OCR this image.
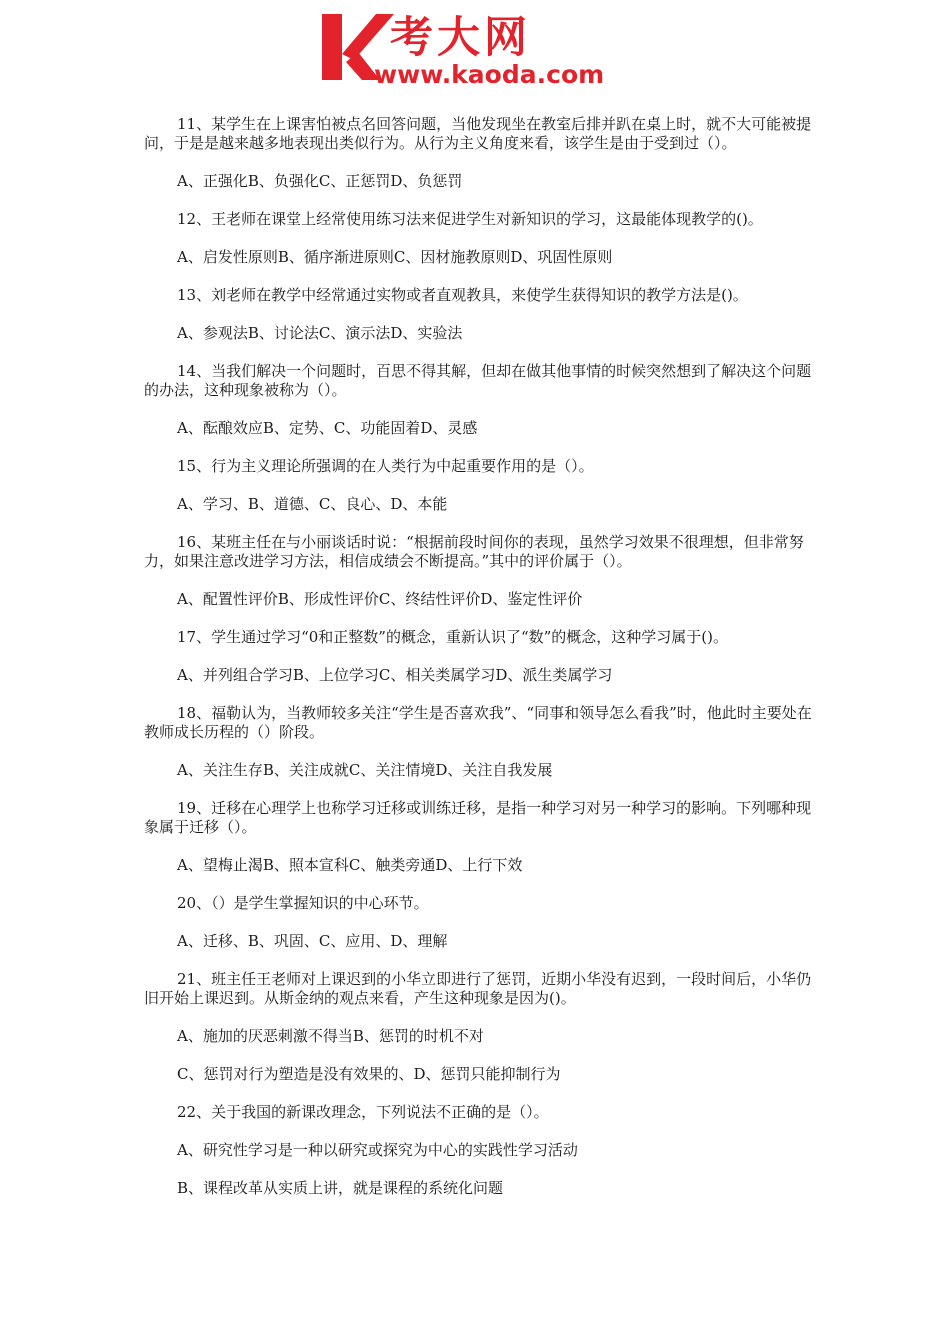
考大网
www.kaoda.com

11、某学生在上课害怕被点名回答问题，当他发现坐在教室后排并趴在桌上时，就不大可能被提问，于是是越来越多地表现出类似行为。从行为主义角度来看，该学生是由于受到过（）。

A、正强化B、负强化C、正惩罚D、负惩罚

12、王老师在课堂上经常使用练习法来促进学生对新知识的学习，这最能体现教学的()。

A、启发性原则B、循序渐进原则C、因材施教原则D、巩固性原则

13、刘老师在教学中经常通过实物或者直观教具，来使学生获得知识的教学方法是()。

A、参观法B、讨论法C、演示法D、实验法

14、当我们解决一个问题时，百思不得其解，但却在做其他事情的时候突然想到了解决这个问题的办法，这种现象被称为（）。

A、酝酿效应B、定势、C、功能固着D、灵感

15、行为主义理论所强调的在人类行为中起重要作用的是（）。

A、学习、B、道德、C、良心、D、本能

16、某班主任在与小丽谈话时说：“根据前段时间你的表现，虽然学习效果不很理想，但非常努力，如果注意改进学习方法，相信成绩会不断提高。”其中的评价属于（）。

A、配置性评价B、形成性评价C、终结性评价D、鉴定性评价

17、学生通过学习“0和正整数”的概念，重新认识了“数”的概念，这种学习属于()。

A、并列组合学习B、上位学习C、相关类属学习D、派生类属学习

18、福勒认为，当教师较多关注“学生是否喜欢我”、“同事和领导怎么看我”时，他此时主要处在教师成长历程的（）阶段。

A、关注生存B、关注成就C、关注情境D、关注自我发展

19、迁移在心理学上也称学习迁移或训练迁移，是指一种学习对另一种学习的影响。下列哪种现象属于迁移（）。

A、望梅止渴B、照本宣科C、触类旁通D、上行下效

20、（）是学生掌握知识的中心环节。

A、迁移、B、巩固、C、应用、D、理解

21、班主任王老师对上课迟到的小华立即进行了惩罚，近期小华没有迟到，一段时间后，小华仍旧开始上课迟到。从斯金纳的观点来看，产生这种现象是因为()。

A、施加的厌恶刺激不得当B、惩罚的时机不对

C、惩罚对行为塑造是没有效果的、D、惩罚只能抑制行为

22、关于我国的新课改理念，下列说法不正确的是（）。

A、研究性学习是一种以研究或探究为中心的实践性学习活动

B、课程改革从实质上讲，就是课程的系统化问题
